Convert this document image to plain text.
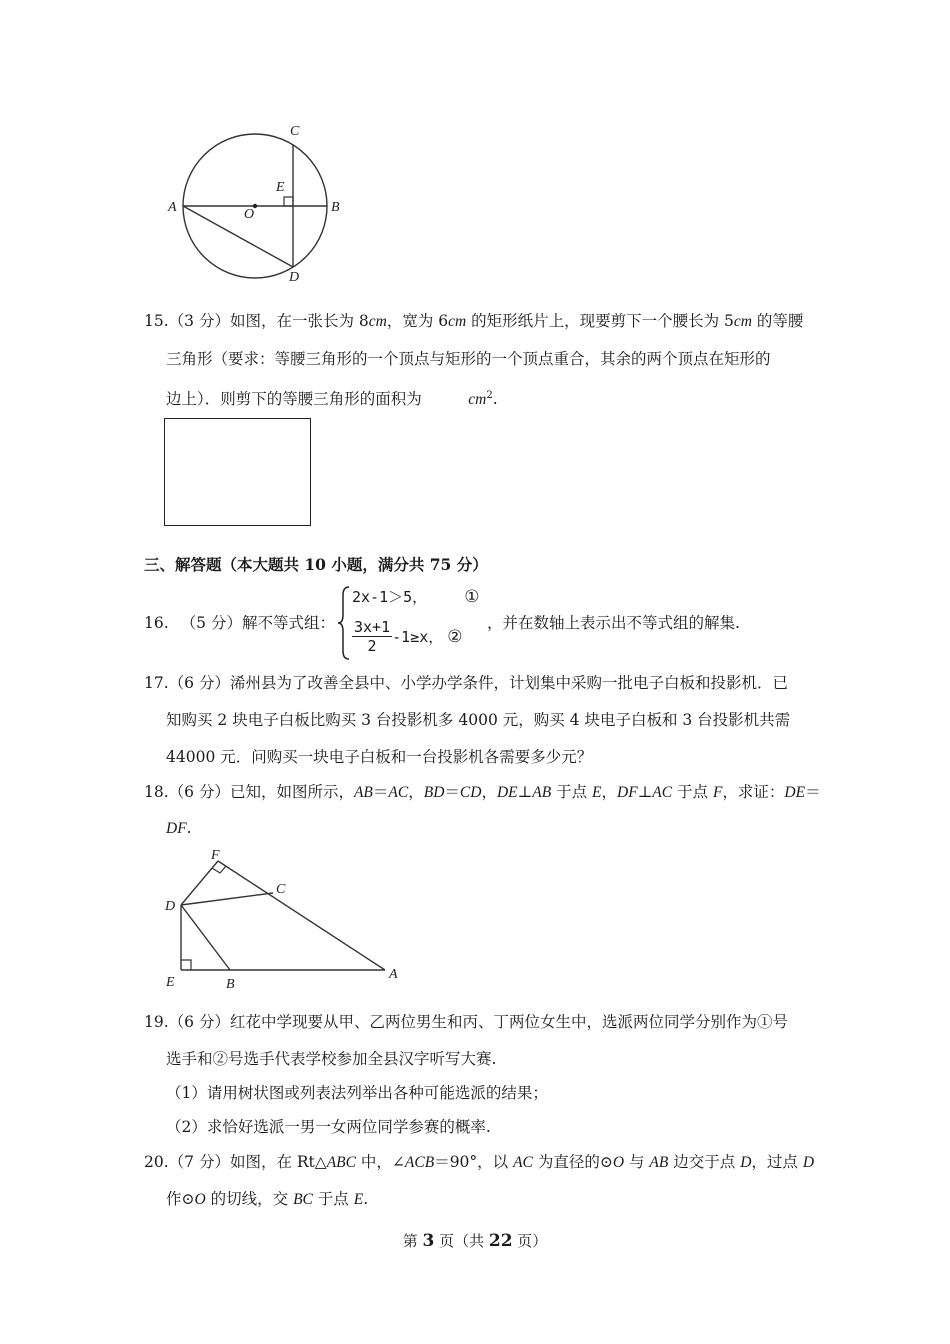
C
E
A	O	B
D
15.（3 分）如图，在一张长为 8cm，宽为 6cm 的矩形纸片上，现要剪下一个腰长为 5cm 的等腰
三角形（要求：等腰三角形的一个顶点与矩形的一个顶点重合，其余的两个顶点在矩形的
边上）．则剪下的等腰三角形的面积为	$cm^2$.
三、解答题（本大题共 10 小题，满分共 75 分）
16. （5 分）解不等式组：
2x-1＞5， ①
$\frac{3x+1}{2} -1\ge x$， ②
，并在数轴上表示出不等式组的解集.
17.（6 分）浠州县为了改善全县中、小学办学条件，计划集中采购一批电子白板和投影机．已
知购买 2 块电子白板比购买 3 台投影机多 4000 元，购买 4 块电子白板和 3 台投影机共需
44000 元．问购买一块电子白板和一台投影机各需要多少元？
18.（6 分）已知，如图所示，AB＝AC，BD＝CD，DE⊥AB 于点 E，DF⊥AC 于点 F，求证：DE＝
DF.
F
C
D
E	B
A
19.（6 分）红花中学现要从甲、乙两位男生和丙、丁两位女生中，选派两位同学分别作为①号
选手和②号选手代表学校参加全县汉字听写大赛.
（1）请用树状图或列表法列举出各种可能选派的结果；
（2）求恰好选派一男一女两位同学参赛的概率.
20.（7 分）如图，在 Rt△ABC 中，∠ACB＝90°，以 AC 为直径的⊙O 与 AB 边交于点 D，过点 D
作⊙O 的切线，交 BC 于点 E.
第 3 页（共 22 页）
